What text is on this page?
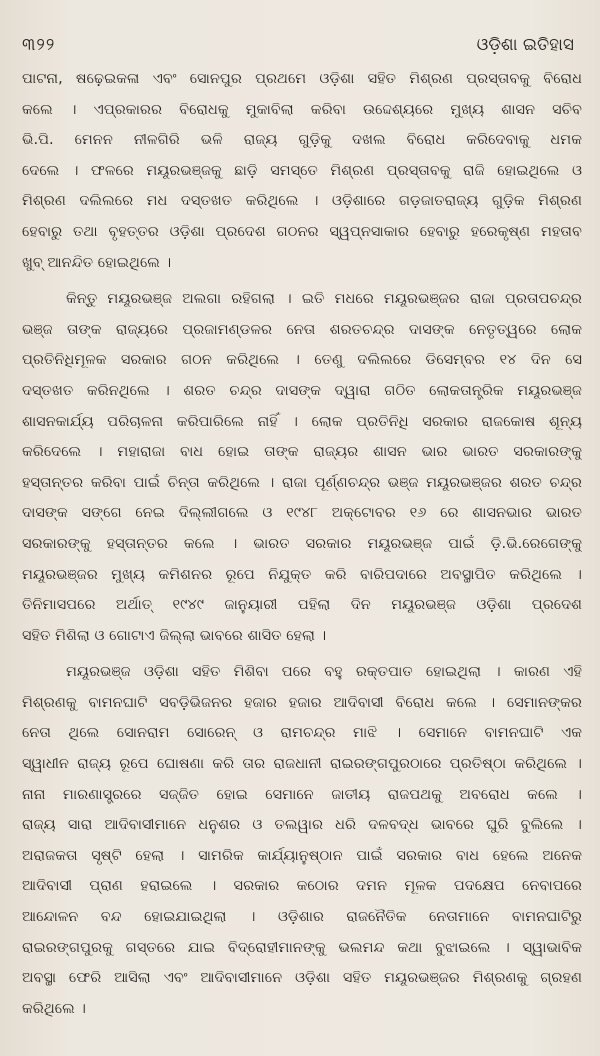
୩୨୨	ଓଡ଼ିଶା ଇତିହାସ
ପାଟନା, ଷଢ଼େଇକଳା ଏବଂ ସୋନପୁର ପ୍ରଥମେ ଓଡ଼ିଶା ସହିତ ମିଶ୍ରଣ ପ୍ରସ୍ତାବକୁ ବିରୋଧ
କଲେ । ଏପ୍ରକାରର ବିରୋଧକୁ ମୁକାବିଲା କରିବା ଉଦ୍ଦେଶ୍ୟରେ ମୁଖ୍ୟ ଶାସନ ସଚିବ
ଭି.ପି. ମେନନ ନୀଳଗିରି ଭଳି ରାଜ୍ୟ ଗୁଡ଼ିକୁ ଦଖଲ ବିରୋଧ କରିଦେବାକୁ ଧମକ
ଦେଲେ । ଫଳରେ ମୟୂରଭଞ୍ଜକୁ ଛାଡ଼ି ସମସ୍ତେ ମିଶ୍ରଣ ପ୍ରସ୍ତାବକୁ ରାଜି ହୋଇଥିଲେ ଓ
ମିଶ୍ରଣ ଦଲିଲରେ ମଧ ଦସ୍ତଖତ କରିଥିଲେ । ଓଡ଼ିଶାରେ ଗଡ଼ଜାତରାଜ୍ୟ ଗୁଡ଼ିକ ମିଶ୍ରଣ
ହେବାରୁ ତଥା ବୃହତ୍ତର ଓଡ଼ିଶା ପ୍ରଦେଶ ଗଠନର ସ୍ୱପ୍ନସାକାର ହେବାରୁ ହରେକୃଷ୍ଣ ମହତାବ
ଖୁବ୍ ଆନନ୍ଦିତ ହୋଇଥିଲେ ।
କିନ୍ତୁ ମୟୂରଭଞ୍ଜ ଅଲଗା ରହିଗଲା । ଇତି ମଧରେ ମୟୂରଭଞ୍ଜର ରାଜା ପ୍ରତାପଚନ୍ଦ୍ର
ଭଞ୍ଜ ତାଙ୍କ ରାଜ୍ୟରେ ପ୍ରଜାମଣ୍ଡଳର ନେତା ଶରତଚନ୍ଦ୍ର ଦାସଙ୍କ ନେତୃତ୍ୱରେ ଲୋକ
ପ୍ରତିନିଧିମୂଳକ ସରକାର ଗଠନ କରିଥିଲେ । ତେଣୁ ଦଲିଲରେ ଡିସେମ୍ବର ୧୪ ଦିନ ସେ
ଦସ୍ତଖତ କରିନଥିଲେ । ଶରତ ଚନ୍ଦ୍ର ଦାସଙ୍କ ଦ୍ୱାରା ଗଠିତ ଲୋକତାନ୍ତ୍ରିକ ମୟୂରଭଞ୍ଜ
ଶାସନକାର୍ଯ୍ୟ ପରିଚାଳନା କରିପାରିଲେ ନାହିଁ । ଲୋକ ପ୍ରତିନିଧି ସରକାର ରାଜକୋଷ ଶୂନ୍ୟ
କରିଦେଲେ । ମହାରାଜା ବାଧ ହୋଇ ତାଙ୍କ ରାଜ୍ୟର ଶାସନ ଭାର ଭାରତ ସରକାରଙ୍କୁ
ହସ୍ତାନ୍ତର କରିବା ପାଇଁ ଚିନ୍ତା କରିଥିଲେ । ରାଜା ପୂର୍ଣ୍ଣଚନ୍ଦ୍ର ଭଞ୍ଜ ମୟୂରଭଞ୍ଜର ଶରତ ଚନ୍ଦ୍ର
ଦାସଙ୍କ ସଙ୍ଗେ ନେଇ ଦିଲ୍ଲୀଗଲେ ଓ ୧୯୪୮ ଅକ୍ଟୋବର ୧୬ ରେ ଶାସନଭାର ଭାରତ
ସରକାରଙ୍କୁ ହସ୍ତାନ୍ତର କଲେ । ଭାରତ ସରକାର ମୟୂରଭଞ୍ଜ ପାଇଁ ଡ଼ି.ଭି.ରେଗେଙ୍କୁ
ମୟୂରଭଞ୍ଜର ମୁଖ୍ୟ କମିଶନର ରୂପେ ନିଯୁକ୍ତ କରି ବାରିପଦାରେ ଅବସ୍ଥାପିତ କରିଥିଲେ ।
ତିନିମାସପରେ ଅର୍ଥାତ୍ ୧୯୪୯ ଜାନୁୟାରୀ ପହିଲା ଦିନ ମୟୂରଭଞ୍ଜ ଓଡ଼ିଶା ପ୍ରଦେଶ
ସହିତ ମିଶିଲା ଓ ଗୋଟାଏ ଜିଲ୍ଲା ଭାବରେ ଶାସିତ ହେଲା ।
ମୟୂରଭଞ୍ଜ ଓଡ଼ିଶା ସହିତ ମିଶିବା ପରେ ବହୁ ରକ୍ତପାତ ହୋଇଥିଲା । କାରଣ ଏହି
ମିଶ୍ରଣକୁ ବାମନଘାଟି ସବଡ଼ିଭିଜନର ହଜାର ହଜାର ଆଦିବାସୀ ବିରୋଧ କଲେ । ସେମାନଙ୍କର
ନେତା ଥିଲେ ସୋନରାମ ସୋରେନ୍ ଓ ରାମଚନ୍ଦ୍ର ମାଝି । ସେମାନେ ବାମନଘାଟି ଏକ
ସ୍ୱାଧୀନ ରାଜ୍ୟ ରୂପେ ଘୋଷଣା କରି ତାର ରାଜଧାନୀ ରାଇରଙ୍ଗପୁରଠାରେ ପ୍ରତିଷ୍ଠା କରିଥିଲେ ।
ନାନା ମାରଣାସ୍ତ୍ରରେ ସଜ୍ଜିତ ହୋଇ ସେମାନେ ଜାତୀୟ ରାଜପଥକୁ ଅବରୋଧ କଲେ ।
ରାଜ୍ୟ ସାରା ଆଦିବାସୀମାନେ ଧନୁଶର ଓ ତଲୱାର ଧରି ଦଳବଦ୍ଧ ଭାବରେ ଘୁରି ବୁଲିଲେ ।
ଅରାଜକତା ସୃଷ୍ଟି ହେଲା । ସାମରିକ କାର୍ଯ୍ୟାନୁଷ୍ଠାନ ପାଇଁ ସରକାର ବାଧ ହେଲେ ଅନେକ
ଆଦିବାସୀ ପ୍ରାଣ ହରାଇଲେ । ସରକାର କଠୋର ଦମନ ମୂଳକ ପଦକ୍ଷେପ ନେବାପରେ
ଆନ୍ଦୋଳନ ବନ୍ଦ ହୋଇଯାଇଥିଲା । ଓଡ଼ିଶାର ରାଜନୈତିକ ନେତାମାନେ ବାମନଘାଟିରୁ
ରାଇରଙ୍ଗପୁରକୁ ଗସ୍ତରେ ଯାଇ ବିଦ୍ରୋହୀମାନଙ୍କୁ ଭଲମନ୍ଦ କଥା ବୁଝାଇଲେ । ସ୍ୱାଭାବିକ
ଅବସ୍ଥା ଫେରି ଆସିଲା ଏବଂ ଆଦିବାସୀମାନେ ଓଡ଼ିଶା ସହିତ ମୟୂରଭଞ୍ଜର ମିଶ୍ରଣକୁ ଗ୍ରହଣ
କରିଥିଲେ ।
